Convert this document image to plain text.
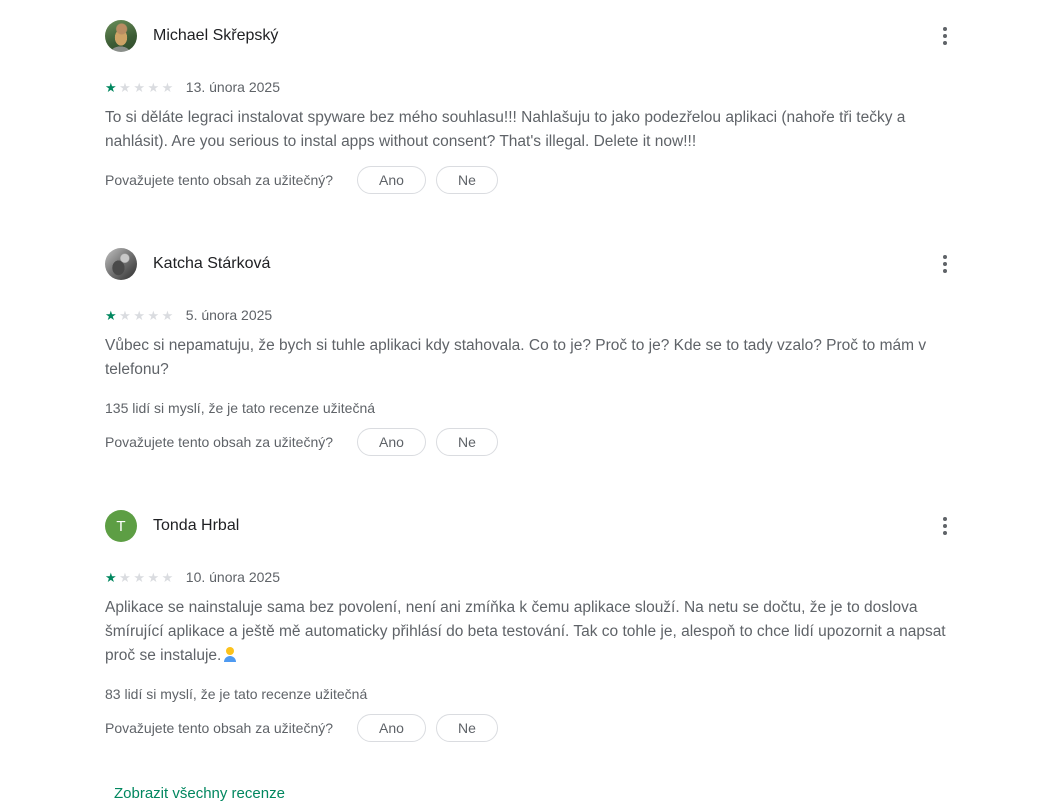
Michael Skřepský
★★★★★ 13. února 2025
To si děláte legraci instalovat spyware bez mého souhlasu!!! Nahlašuju to jako podezřelou aplikaci (nahoře tři tečky a nahlásit). Are you serious to instal apps without consent? That's illegal. Delete it now!!!
Považujete tento obsah za užitečný?	Ano	Ne
Katcha Stárková
★★★★★ 5. února 2025
Vůbec si nepamatuju, že bych si tuhle aplikaci kdy stahovala. Co to je? Proč to je? Kde se to tady vzalo? Proč to mám v telefonu?
135 lidí si myslí, že je tato recenze užitečná
Považujete tento obsah za užitečný?	Ano	Ne
T Tonda Hrbal
★★★★★ 10. února 2025
Aplikace se nainstaluje sama bez povolení, není ani zmíňka k čemu aplikace slouží. Na netu se dočtu, že je to doslova šmírující aplikace a ještě mě automaticky přihlásí do beta testování. Tak co tohle je, alespoň to chce lidí upozornit a napsat proč se instaluje.
83 lidí si myslí, že je tato recenze užitečná
Považujete tento obsah za užitečný?	Ano	Ne
Zobrazit všechny recenze
